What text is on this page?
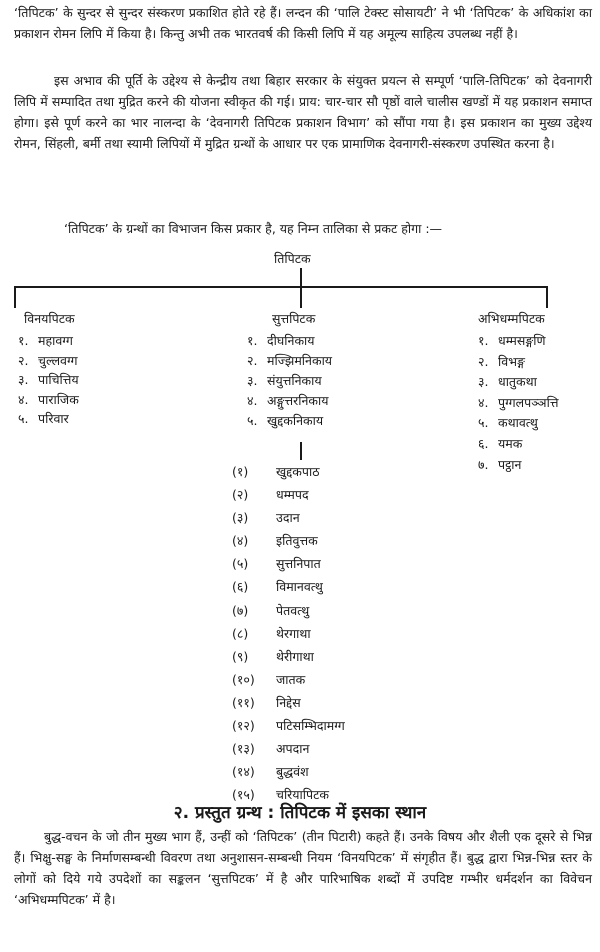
‘तिपिटक’ के सुन्दर से सुन्दर संस्करण प्रकाशित होते रहे हैं। लन्दन की ‘पालि टेक्स्ट सोसायटी’ ने भी ‘तिपिटक’ के अधिकांश का प्रकाशन रोमन लिपि में किया है। किन्तु अभी तक भारतवर्ष की किसी लिपि में यह अमूल्य साहित्य उपलब्ध नहीं है।

इस अभाव की पूर्ति के उद्देश्य से केन्द्रीय तथा बिहार सरकार के संयुक्त प्रयत्न से सम्पूर्ण ‘पालि-तिपिटक’ को देवनागरी लिपि में सम्पादित तथा मुद्रित करने की योजना स्वीकृत की गई। प्राय: चार-चार सौ पृष्ठों वाले चालीस खण्डों में यह प्रकाशन समाप्त होगा। इसे पूर्ण करने का भार नालन्दा के ‘देवनागरी तिपिटक प्रकाशन विभाग’ को सौंपा गया है। इस प्रकाशन का मुख्य उद्देश्य रोमन, सिंहली, बर्मी तथा स्यामी लिपियों में मुद्रित ग्रन्थों के आधार पर एक प्रामाणिक देवनागरी-संस्करण उपस्थित करना है।

‘तिपिटक’ के ग्रन्थों का विभाजन किस प्रकार है, यह निम्न तालिका से प्रकट होगा :—

तिपिटक
विनयपिटक	सुत्तपिटक	अभिधम्मपिटक
१. महावग्ग
२. चुल्लवग्ग
३. पाचित्तिय
४. पाराजिक
५. परिवार
१. दीघनिकाय
२. मज्झिमनिकाय
३. संयुत्तनिकाय
४. अङ्गुत्तरनिकाय
५. खुद्दकनिकाय
१. धम्मसङ्गणि
२. विभङ्ग
३. धातुकथा
४. पुग्गलपञ्ञत्ति
५. कथावत्थु
६. यमक
७. पट्ठान
(१) खुद्दकपाठ
(२) धम्मपद
(३) उदान
(४) इतिवुत्तक
(५) सुत्तनिपात
(६) विमानवत्थु
(७) पेतवत्थु
(८) थेरगाथा
(९) थेरीगाथा
(१०) जातक
(११) निद्देस
(१२) पटिसम्भिदामग्ग
(१३) अपदान
(१४) बुद्धवंश
(१५) चरियापिटक
२. प्रस्तुत ग्रन्थ : तिपिटक में इसका स्थान

बुद्ध-वचन के जो तीन मुख्य भाग हैं, उन्हीं को ‘तिपिटक’ (तीन पिटारी) कहते हैं। उनके विषय और शैली एक दूसरे से भिन्न हैं। भिक्षु-सङ्घ के निर्माणसम्बन्धी विवरण तथा अनुशासन-सम्बन्धी नियम ‘विनयपिटक’ में संगृहीत हैं। बुद्ध द्वारा भिन्न-भिन्न स्तर के लोगों को दिये गये उपदेशों का सङ्कलन ‘सुत्तपिटक’ में है और पारिभाषिक शब्दों में उपदिष्ट गम्भीर धर्मदर्शन का विवेचन ‘अभिधम्मपिटक’ में है।
